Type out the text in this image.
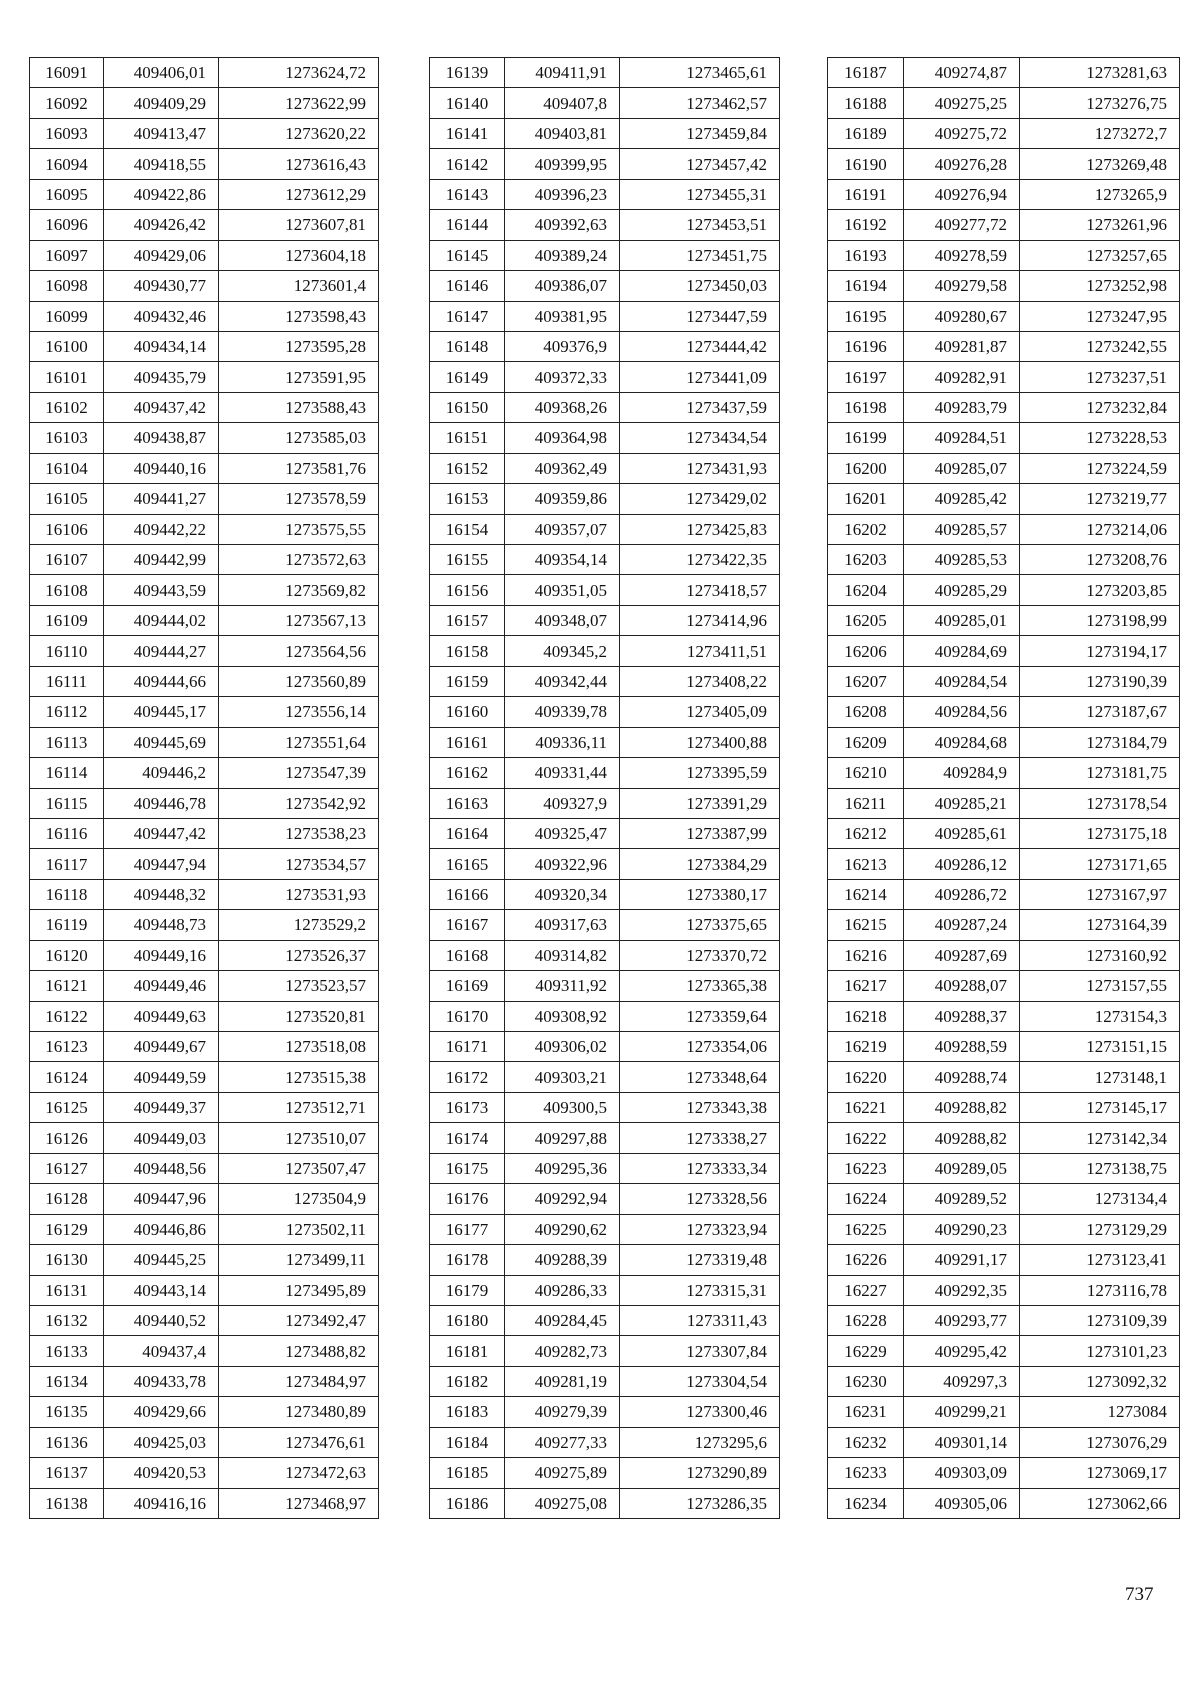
16091	409406,01	1273624,72
16092	409409,29	1273622,99
16093	409413,47	1273620,22
16094	409418,55	1273616,43
16095	409422,86	1273612,29
16096	409426,42	1273607,81
16097	409429,06	1273604,18
16098	409430,77	1273601,4
16099	409432,46	1273598,43
16100	409434,14	1273595,28
16101	409435,79	1273591,95
16102	409437,42	1273588,43
16103	409438,87	1273585,03
16104	409440,16	1273581,76
16105	409441,27	1273578,59
16106	409442,22	1273575,55
16107	409442,99	1273572,63
16108	409443,59	1273569,82
16109	409444,02	1273567,13
16110	409444,27	1273564,56
16111	409444,66	1273560,89
16112	409445,17	1273556,14
16113	409445,69	1273551,64
16114	409446,2	1273547,39
16115	409446,78	1273542,92
16116	409447,42	1273538,23
16117	409447,94	1273534,57
16118	409448,32	1273531,93
16119	409448,73	1273529,2
16120	409449,16	1273526,37
16121	409449,46	1273523,57
16122	409449,63	1273520,81
16123	409449,67	1273518,08
16124	409449,59	1273515,38
16125	409449,37	1273512,71
16126	409449,03	1273510,07
16127	409448,56	1273507,47
16128	409447,96	1273504,9
16129	409446,86	1273502,11
16130	409445,25	1273499,11
16131	409443,14	1273495,89
16132	409440,52	1273492,47
16133	409437,4	1273488,82
16134	409433,78	1273484,97
16135	409429,66	1273480,89
16136	409425,03	1273476,61
16137	409420,53	1273472,63
16138	409416,16	1273468,97
16139	409411,91	1273465,61
16140	409407,8	1273462,57
16141	409403,81	1273459,84
16142	409399,95	1273457,42
16143	409396,23	1273455,31
16144	409392,63	1273453,51
16145	409389,24	1273451,75
16146	409386,07	1273450,03
16147	409381,95	1273447,59
16148	409376,9	1273444,42
16149	409372,33	1273441,09
16150	409368,26	1273437,59
16151	409364,98	1273434,54
16152	409362,49	1273431,93
16153	409359,86	1273429,02
16154	409357,07	1273425,83
16155	409354,14	1273422,35
16156	409351,05	1273418,57
16157	409348,07	1273414,96
16158	409345,2	1273411,51
16159	409342,44	1273408,22
16160	409339,78	1273405,09
16161	409336,11	1273400,88
16162	409331,44	1273395,59
16163	409327,9	1273391,29
16164	409325,47	1273387,99
16165	409322,96	1273384,29
16166	409320,34	1273380,17
16167	409317,63	1273375,65
16168	409314,82	1273370,72
16169	409311,92	1273365,38
16170	409308,92	1273359,64
16171	409306,02	1273354,06
16172	409303,21	1273348,64
16173	409300,5	1273343,38
16174	409297,88	1273338,27
16175	409295,36	1273333,34
16176	409292,94	1273328,56
16177	409290,62	1273323,94
16178	409288,39	1273319,48
16179	409286,33	1273315,31
16180	409284,45	1273311,43
16181	409282,73	1273307,84
16182	409281,19	1273304,54
16183	409279,39	1273300,46
16184	409277,33	1273295,6
16185	409275,89	1273290,89
16186	409275,08	1273286,35
16187	409274,87	1273281,63
16188	409275,25	1273276,75
16189	409275,72	1273272,7
16190	409276,28	1273269,48
16191	409276,94	1273265,9
16192	409277,72	1273261,96
16193	409278,59	1273257,65
16194	409279,58	1273252,98
16195	409280,67	1273247,95
16196	409281,87	1273242,55
16197	409282,91	1273237,51
16198	409283,79	1273232,84
16199	409284,51	1273228,53
16200	409285,07	1273224,59
16201	409285,42	1273219,77
16202	409285,57	1273214,06
16203	409285,53	1273208,76
16204	409285,29	1273203,85
16205	409285,01	1273198,99
16206	409284,69	1273194,17
16207	409284,54	1273190,39
16208	409284,56	1273187,67
16209	409284,68	1273184,79
16210	409284,9	1273181,75
16211	409285,21	1273178,54
16212	409285,61	1273175,18
16213	409286,12	1273171,65
16214	409286,72	1273167,97
16215	409287,24	1273164,39
16216	409287,69	1273160,92
16217	409288,07	1273157,55
16218	409288,37	1273154,3
16219	409288,59	1273151,15
16220	409288,74	1273148,1
16221	409288,82	1273145,17
16222	409288,82	1273142,34
16223	409289,05	1273138,75
16224	409289,52	1273134,4
16225	409290,23	1273129,29
16226	409291,17	1273123,41
16227	409292,35	1273116,78
16228	409293,77	1273109,39
16229	409295,42	1273101,23
16230	409297,3	1273092,32
16231	409299,21	1273084
16232	409301,14	1273076,29
16233	409303,09	1273069,17
16234	409305,06	1273062,66
737
